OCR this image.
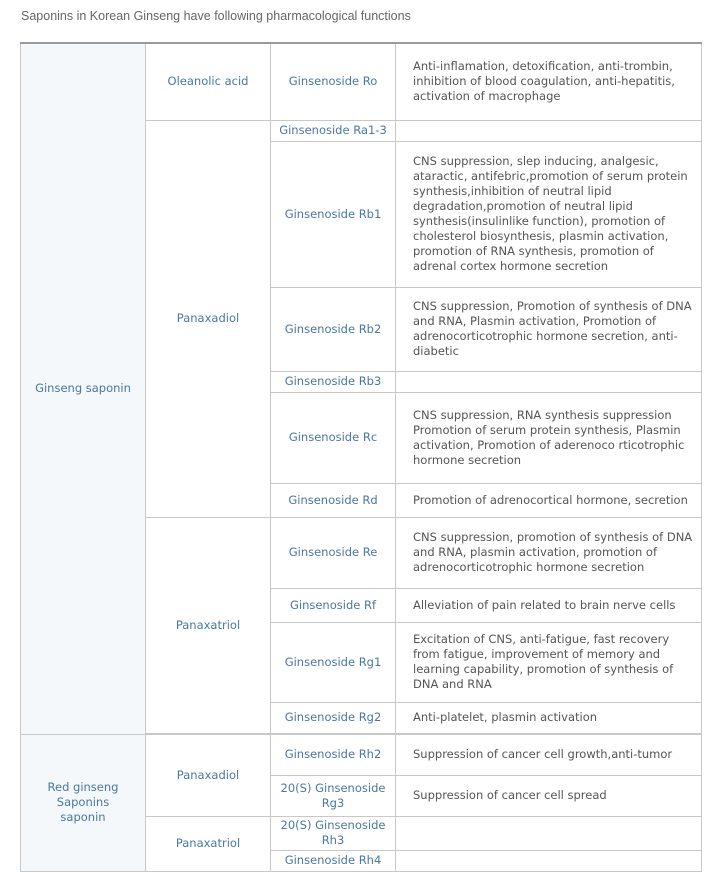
Saponins in Korean Ginseng have following pharmacological functions
Ginseng saponin	Oleanolic acid	Ginsenoside Ro	Anti-inflamation, detoxification, anti-trombin, inhibition of blood coagulation, anti-hepatitis, activation of macrophage
	Panaxadiol	Ginsenoside Ra1-3	
		Ginsenoside Rb1	CNS suppression, slep inducing, analgesic, ataractic, antifebric,promotion of serum protein synthesis,inhibition of neutral lipid degradation,promotion of neutral lipid synthesis(insulinlike function), promotion of cholesterol biosynthesis, plasmin activation, promotion of RNA synthesis, promotion of adrenal cortex hormone secretion
		Ginsenoside Rb2	CNS suppression, Promotion of synthesis of DNA and RNA, Plasmin activation, Promotion of adrenocorticotrophic hormone secretion, anti-diabetic
		Ginsenoside Rb3	
		Ginsenoside Rc	CNS suppression, RNA synthesis suppression Promotion of serum protein synthesis, Plasmin activation, Promotion of aderenoco rticotrophic hormone secretion
		Ginsenoside Rd	Promotion of adrenocortical hormone, secretion
	Panaxatriol	Ginsenoside Re	CNS suppression, promotion of synthesis of DNA and RNA, plasmin activation, promotion of adrenocorticotrophic hormone secretion
		Ginsenoside Rf	Alleviation of pain related to brain nerve cells
		Ginsenoside Rg1	Excitation of CNS, anti-fatigue, fast recovery from fatigue, improvement of memory and learning capability, promotion of synthesis of DNA and RNA
		Ginsenoside Rg2	Anti-platelet, plasmin activation

Red ginseng Saponins saponin	Panaxadiol	Ginsenoside Rh2	Suppression of cancer cell growth,anti-tumor
		20(S) Ginsenoside Rg3	Suppression of cancer cell spread
	Panaxatriol	20(S) Ginsenoside Rh3	
		Ginsenoside Rh4	
